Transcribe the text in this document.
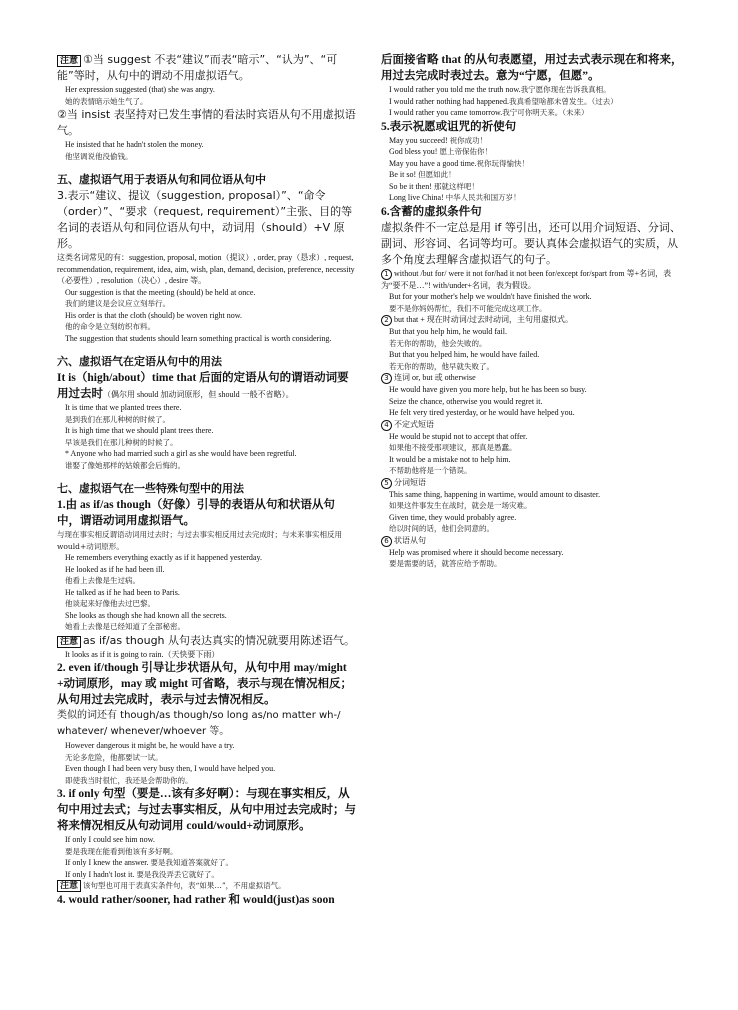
注意 ①当 suggest 不表“建议”而表“暗示”、“认为”、“可能”等时，从句中的谓动不用虚拟语气。

Her expression suggested (that) she was angry.

她的表情暗示她生气了。

②当 insist 表坚持对已发生事情的看法时宾语从句不用虚拟语气。

He insisted that he hadn't stolen the money.

他坚调说他没偷钱。

五、虚拟语气用于表语从句和同位语从句中

3.表示“建议、提议（suggestion, proposal）”、“命令（order）”、“要求（request, requirement）”主张、目的等名词的表语从句和同位语从句中，动词用（should）+V 原形。

这类名词常见的有：suggestion, proposal, motion（提议）, order, pray（恳求）, request, recommendation, requirement, idea, aim, wish, plan, demand, decision, preference, necessity（必要性）, resolution（决心）, desire 等。

Our suggestion is that the meeting (should) be held at once.

我们的建议是会议应立刻举行。

His order is that the cloth (should) be woven right now.

他的命令是立刻纺织布料。

The suggestion that students should learn something practical is worth considering.

六、虚拟语气在定语从句中的用法

It is（high/about）time that 后面的定语从句的谓语动词要用过去时（偶尔用 should 加动词原形，但 should 一般不省略）。

It is time that we planted trees there.

是到我们在那儿种树的时候了。

It is high time that we should plant trees there.

早该是我们在那儿种树的时候了。

* Anyone who had married such a girl as she would have been regretful.

谁娶了像她那样的姑娘都会后悔的。

七、虚拟语气在一些特殊句型中的用法

1.由 as if/as though（好像）引导的表语从句和状语从句中，谓语动词用虚拟语气。

与现在事实相反谓语动词用过去时；与过去事实相反用过去完成时；与未来事实相反用 would+动词原形。

He remembers everything exactly as if it happened yesterday.

He looked as if he had been ill.

他看上去像是生过病。

He talked as if he had been to Paris.

他谈起来好像他去过巴黎。

She looks as though she had known all the secrets.

她看上去像是已经知道了全部秘密。

注意 as if/as though 从句表达真实的情况就要用陈述语气。

It looks as if it is going to rain.（天快要下雨）

2. even if/though 引导让步状语从句，从句中用 may/might +动词原形，may 或 might 可省略，表示与现在情况相反；从句用过去完成时，表示与过去情况相反。

类似的词还有 though/as though/so long as/no matter wh-/ whatever/ whenever/whoever 等。

However dangerous it might be, he would have a try.

无论多危险，他都要试一试。

Even though I had been very busy then, I would have helped you.

即使我当时很忙，我还是会帮助你的。

3. if only 句型（要是…该有多好啊）：与现在事实相反，从句中用过去式；与过去事实相反，从句中用过去完成时；与将来情况相反从句动词用 could/would+动词原形。

If only I could see him now.

要是我现在能看到他该有多好啊。

If only I knew the answer. 要是我知道答案就好了。

If only I hadn't lost it. 要是我没弄丢它就好了。

注意 该句型也可用于表真实条件句，表“如果…”，不用虚拟语气。

4. would rather/sooner, had rather 和 would(just)as soon

后面接省略 that 的从句表愿望，用过去式表示现在和将来，用过去完成时表过去。意为“宁愿，但愿”。

I would rather you told me the truth now.我宁愿你现在告诉我真相。

I would rather nothing had happened.我真希望啥都未曾发生。（过去）

I would rather you came tomorrow.我宁可你明天来。（未来）

5.表示祝愿或诅咒的祈使句

May you succeed! 祝你成功！

God bless you! 愿上帝保佑你！

May you have a good time.祝你玩得愉快！

Be it so! 但愿如此！

So be it then! 那就这样吧！

Long live China! 中华人民共和国万岁！

6.含蓄的虚拟条件句

虚拟条件不一定总是用 if 等引出，还可以用介词短语、分词、副词、形容词、名词等均可。要认真体会虚拟语气的实质，从多个角度去理解含虚拟语气的句子。

1 without /but for/ were it not for/had it not been for/except for/spart from 等+名词，表为“要不是…”! with/under+名词，表为假设。

But for your mother's help we wouldn't have finished the work.

要不是你妈妈帮忙，我们不可能完成这项工作。

2 but that + 现在时动词/过去时动词，主句用虚拟式。

But that you help him, he would fail.

若无你的帮助，他会失败的。

But that you helped him, he would have failed.

若无你的帮助，他早就失败了。

3 连词 or, but 或 otherwise

He would have given you more help, but he has been so busy.

Seize the chance, otherwise you would regret it.

He felt very tired yesterday, or he would have helped you.

4 不定式短语

He would be stupid not to accept that offer.

如果他不接受那项建议，那真是愚蠢。

It would be a mistake not to help him.

不帮助他将是一个错误。

5 分词短语

This same thing, happening in wartime, would amount to disaster.

如果这件事发生在战时，就会是一场灾难。

Given time, they would probably agree.

给以时间的话，他们会同意的。

6 状语从句

Help was promised where it should become necessary.

要是需要的话，就答应给予帮助。
